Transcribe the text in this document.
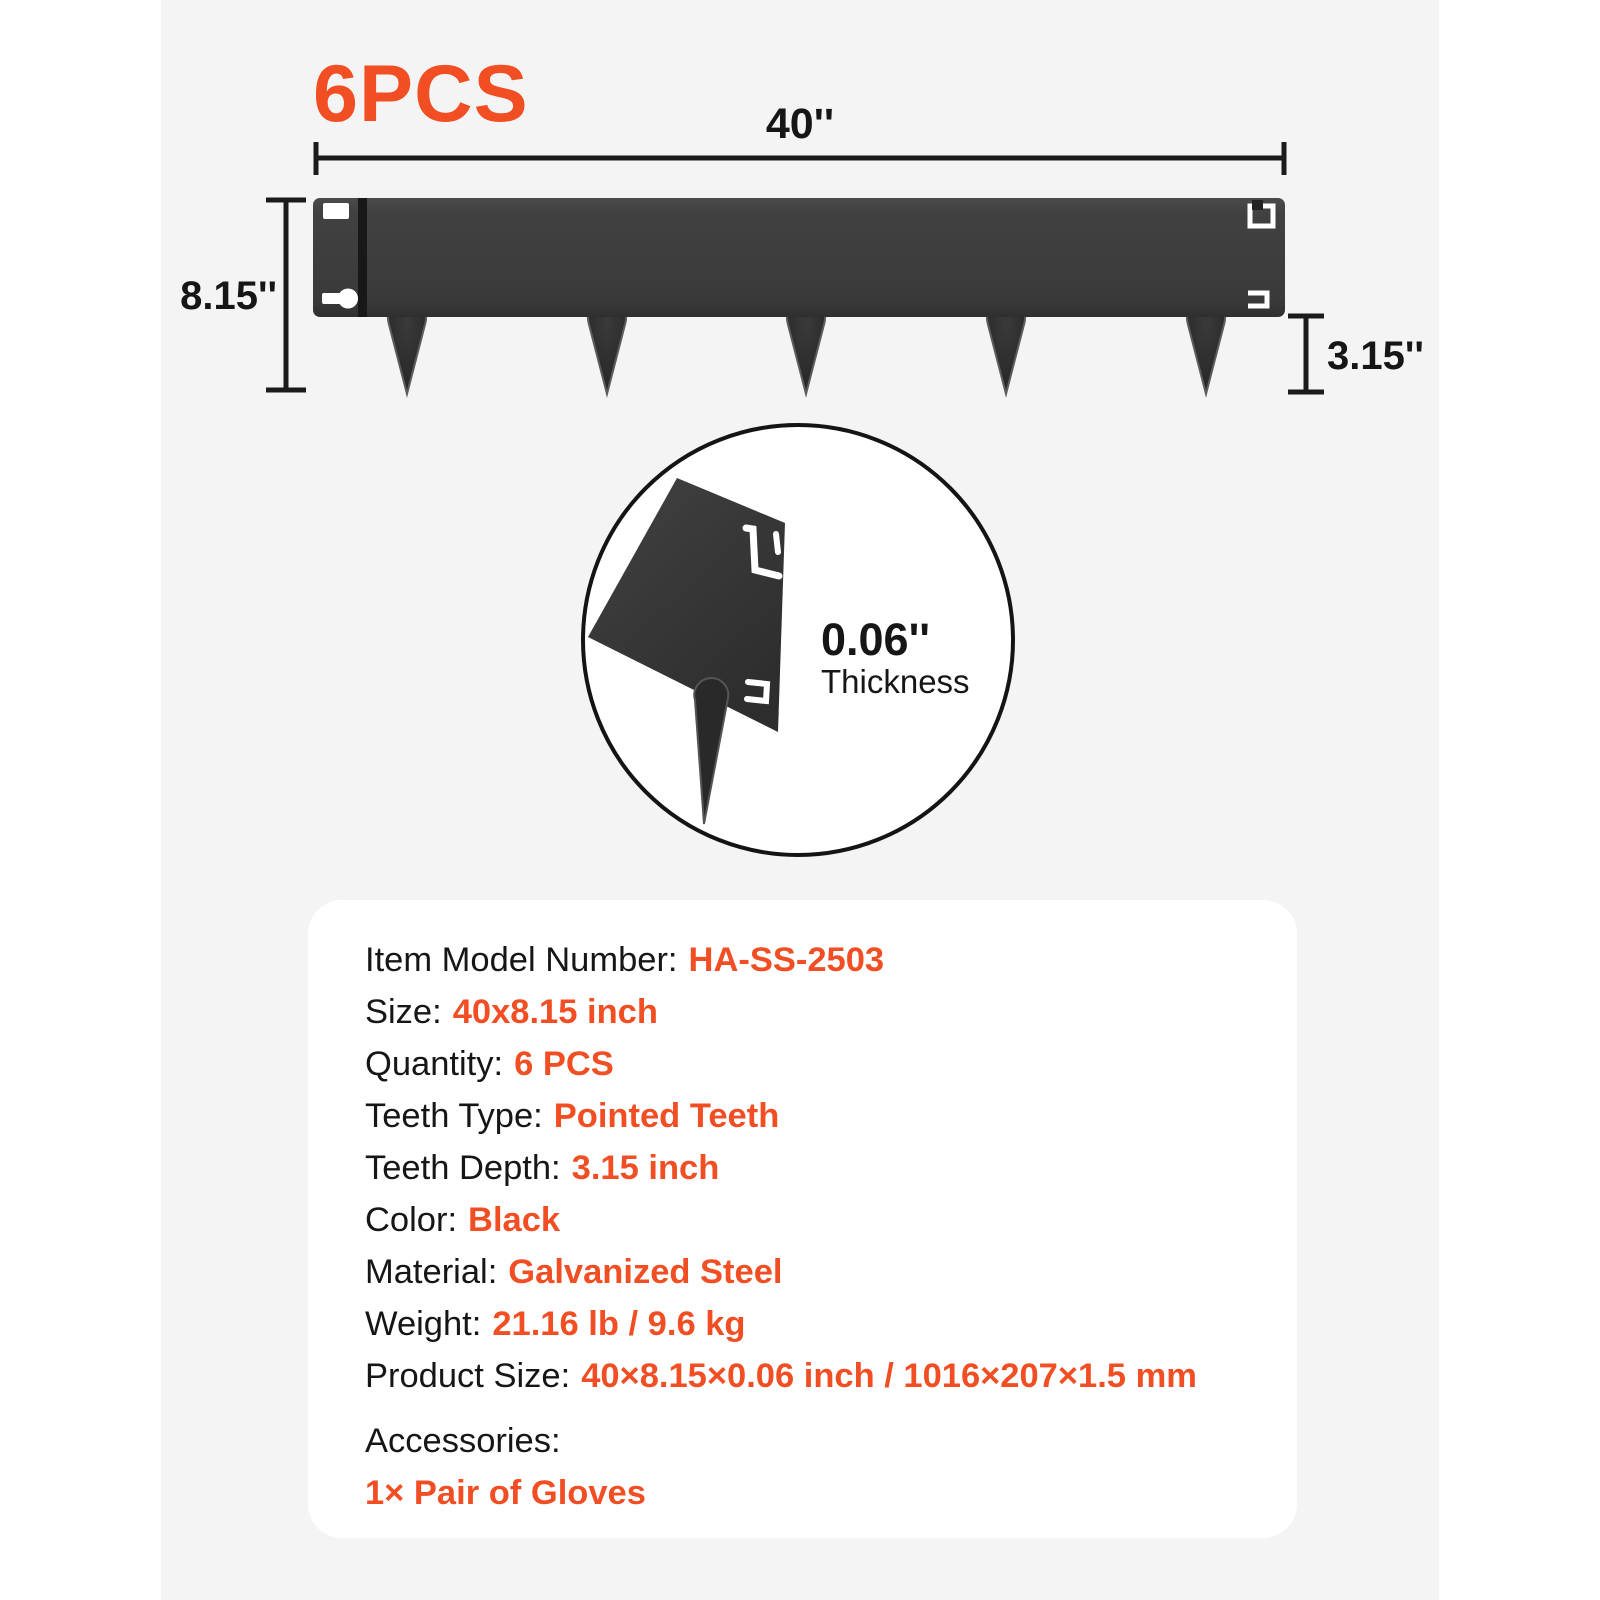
6PCS	40''
8.15''
3.15''
0.06''
Thickness
Item Model Number: HA-SS-2503
Size: 40x8.15 inch
Quantity: 6 PCS
Teeth Type: Pointed Teeth
Teeth Depth: 3.15 inch
Color: Black
Material: Galvanized Steel
Weight: 21.16 lb / 9.6 kg
Product Size: 40×8.15×0.06 inch / 1016×207×1.5 mm
Accessories:
1× Pair of Gloves
